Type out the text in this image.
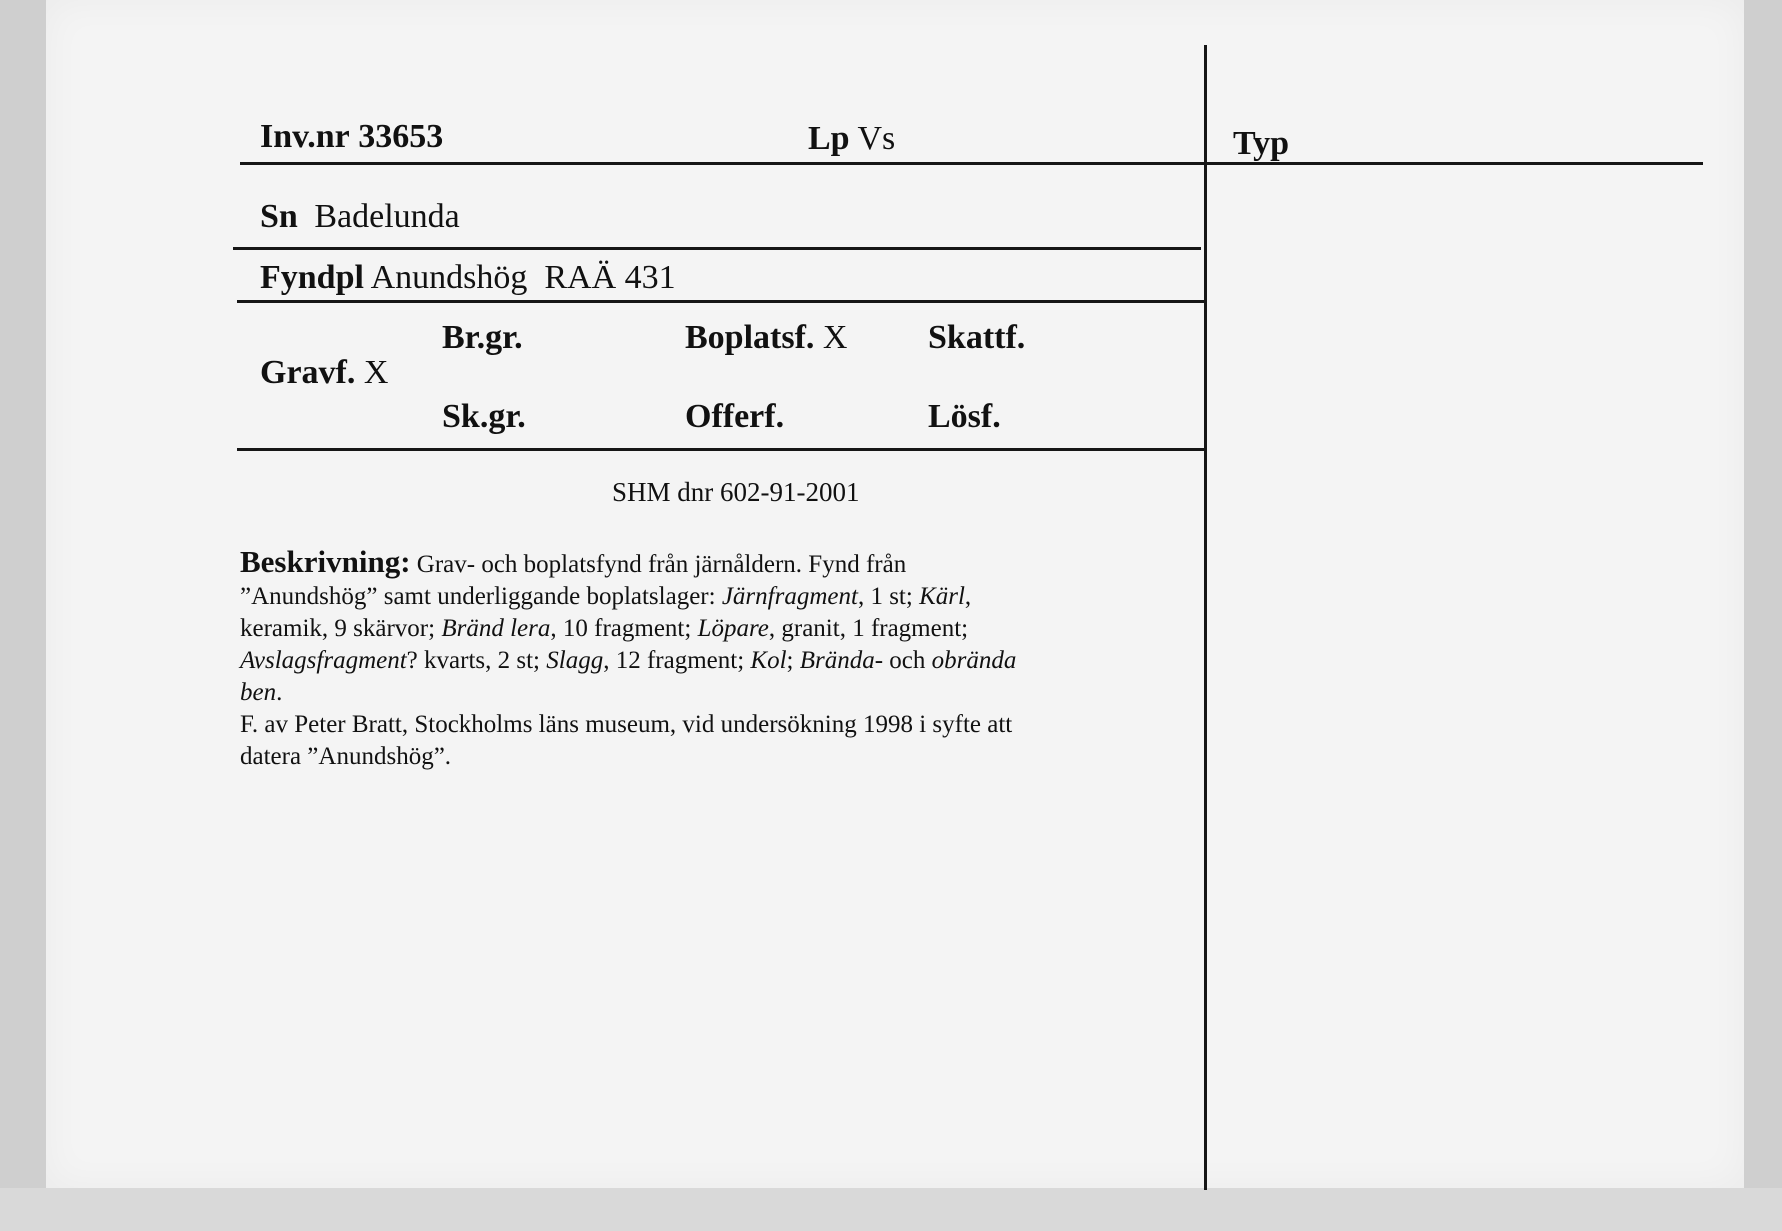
Inv.nr 33653	Lp Vs	Typ
Sn Badelunda
Fyndpl Anundshög  RAÄ 431
Gravf. X
Br.gr.
Sk.gr.
Boplatsf. X
Offerf.
Skattf.
Lösf.
SHM dnr 602-91-2001
Beskrivning: Grav- och boplatsfynd från järnåldern. Fynd från
”Anundshög” samt underliggande boplatslager: Järnfragment, 1 st; Kärl,
keramik, 9 skärvor; Bränd lera, 10 fragment; Löpare, granit, 1 fragment;
Avslagsfragment? kvarts, 2 st; Slagg, 12 fragment; Kol; Brända- och obrända
ben.
F. av Peter Bratt, Stockholms läns museum, vid undersökning 1998 i syfte att
datera ”Anundshög”.
